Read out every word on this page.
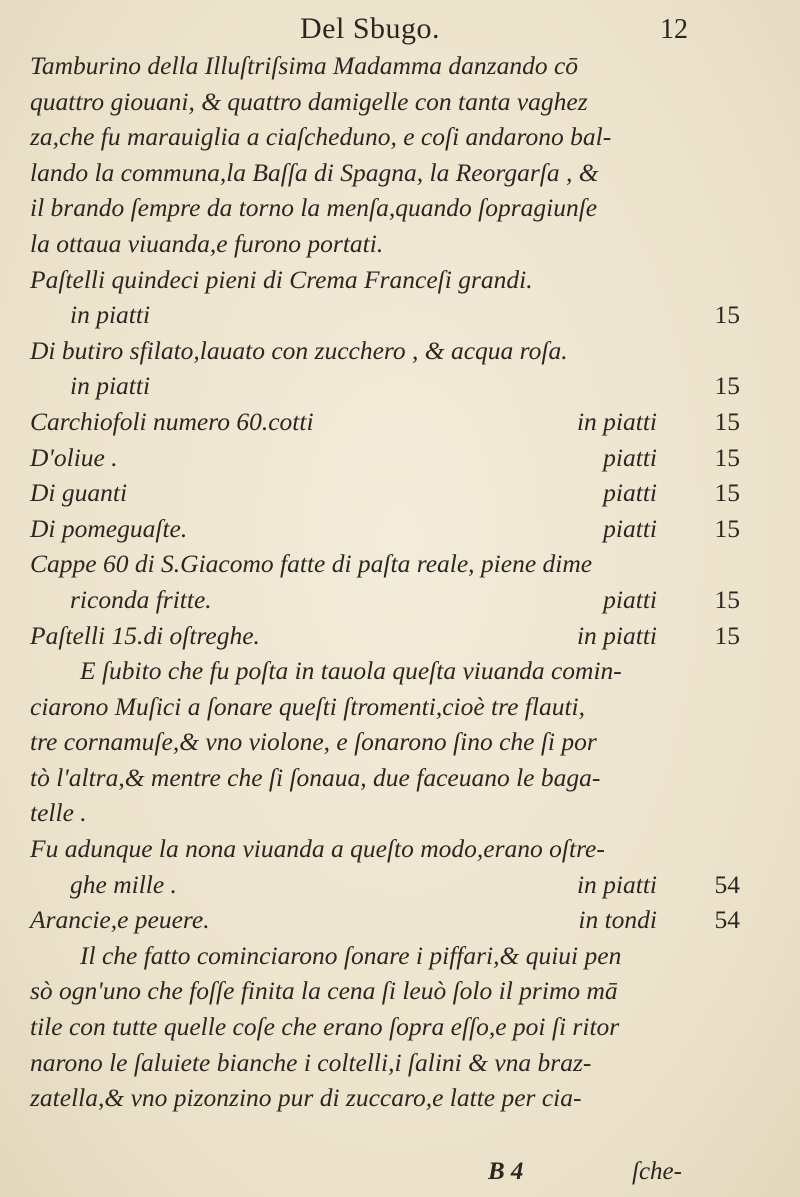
Del Sbugo.	12
Tamburino della Illuſtriſsima Madamma danzando cō
quattro giouani, & quattro damigelle con tanta vaghez
za,che fu marauiglia a ciaſcheduno, e coſi andarono bal-
lando la communa,la Baſſa di Spagna, la Reorgarſa , &
il brando ſempre da torno la menſa,quando ſopragiunſe
la ottaua viuanda,e furono portati.
Paſtelli quindeci pieni di Crema Franceſi grandi.
in piatti	15
Di butiro sfilato,lauato con zucchero , & acqua roſa.
in piatti	15
Carchiofoli numero 60.cotti	in piatti 15
D'oliue .	piatti 15
Di guanti	piatti 15
Di pomeguaſte.	piatti 15
Cappe 60 di S.Giacomo fatte di paſta reale, piene dime
riconda fritte.	piatti 15
Paſtelli 15.di oſtreghe.	in piatti 15
E ſubito che fu poſta in tauola queſta viuanda comin-
ciarono Muſici a ſonare queſti ſtromenti,cioè tre flauti,
tre cornamuſe,& vno violone, e ſonarono ſino che ſi por
tò l'altra,& mentre che ſi ſonaua, due faceuano le baga-
telle .
Fu adunque la nona viuanda a queſto modo,erano oſtre-
ghe mille .	in piatti 54
Arancie,e peuere.	in tondi 54
Il che fatto cominciarono ſonare i piffari,& quiui pen
sò ogn'uno che foſſe finita la cena ſi leuò ſolo il primo mā
tile con tutte quelle coſe che erano ſopra eſſo,e poi ſi ritor
narono le ſaluiete bianche i coltelli,i ſalini & vna braz-
zatella,& vno pizonzino pur di zuccaro,e latte per cia-
B 4	ſche-
